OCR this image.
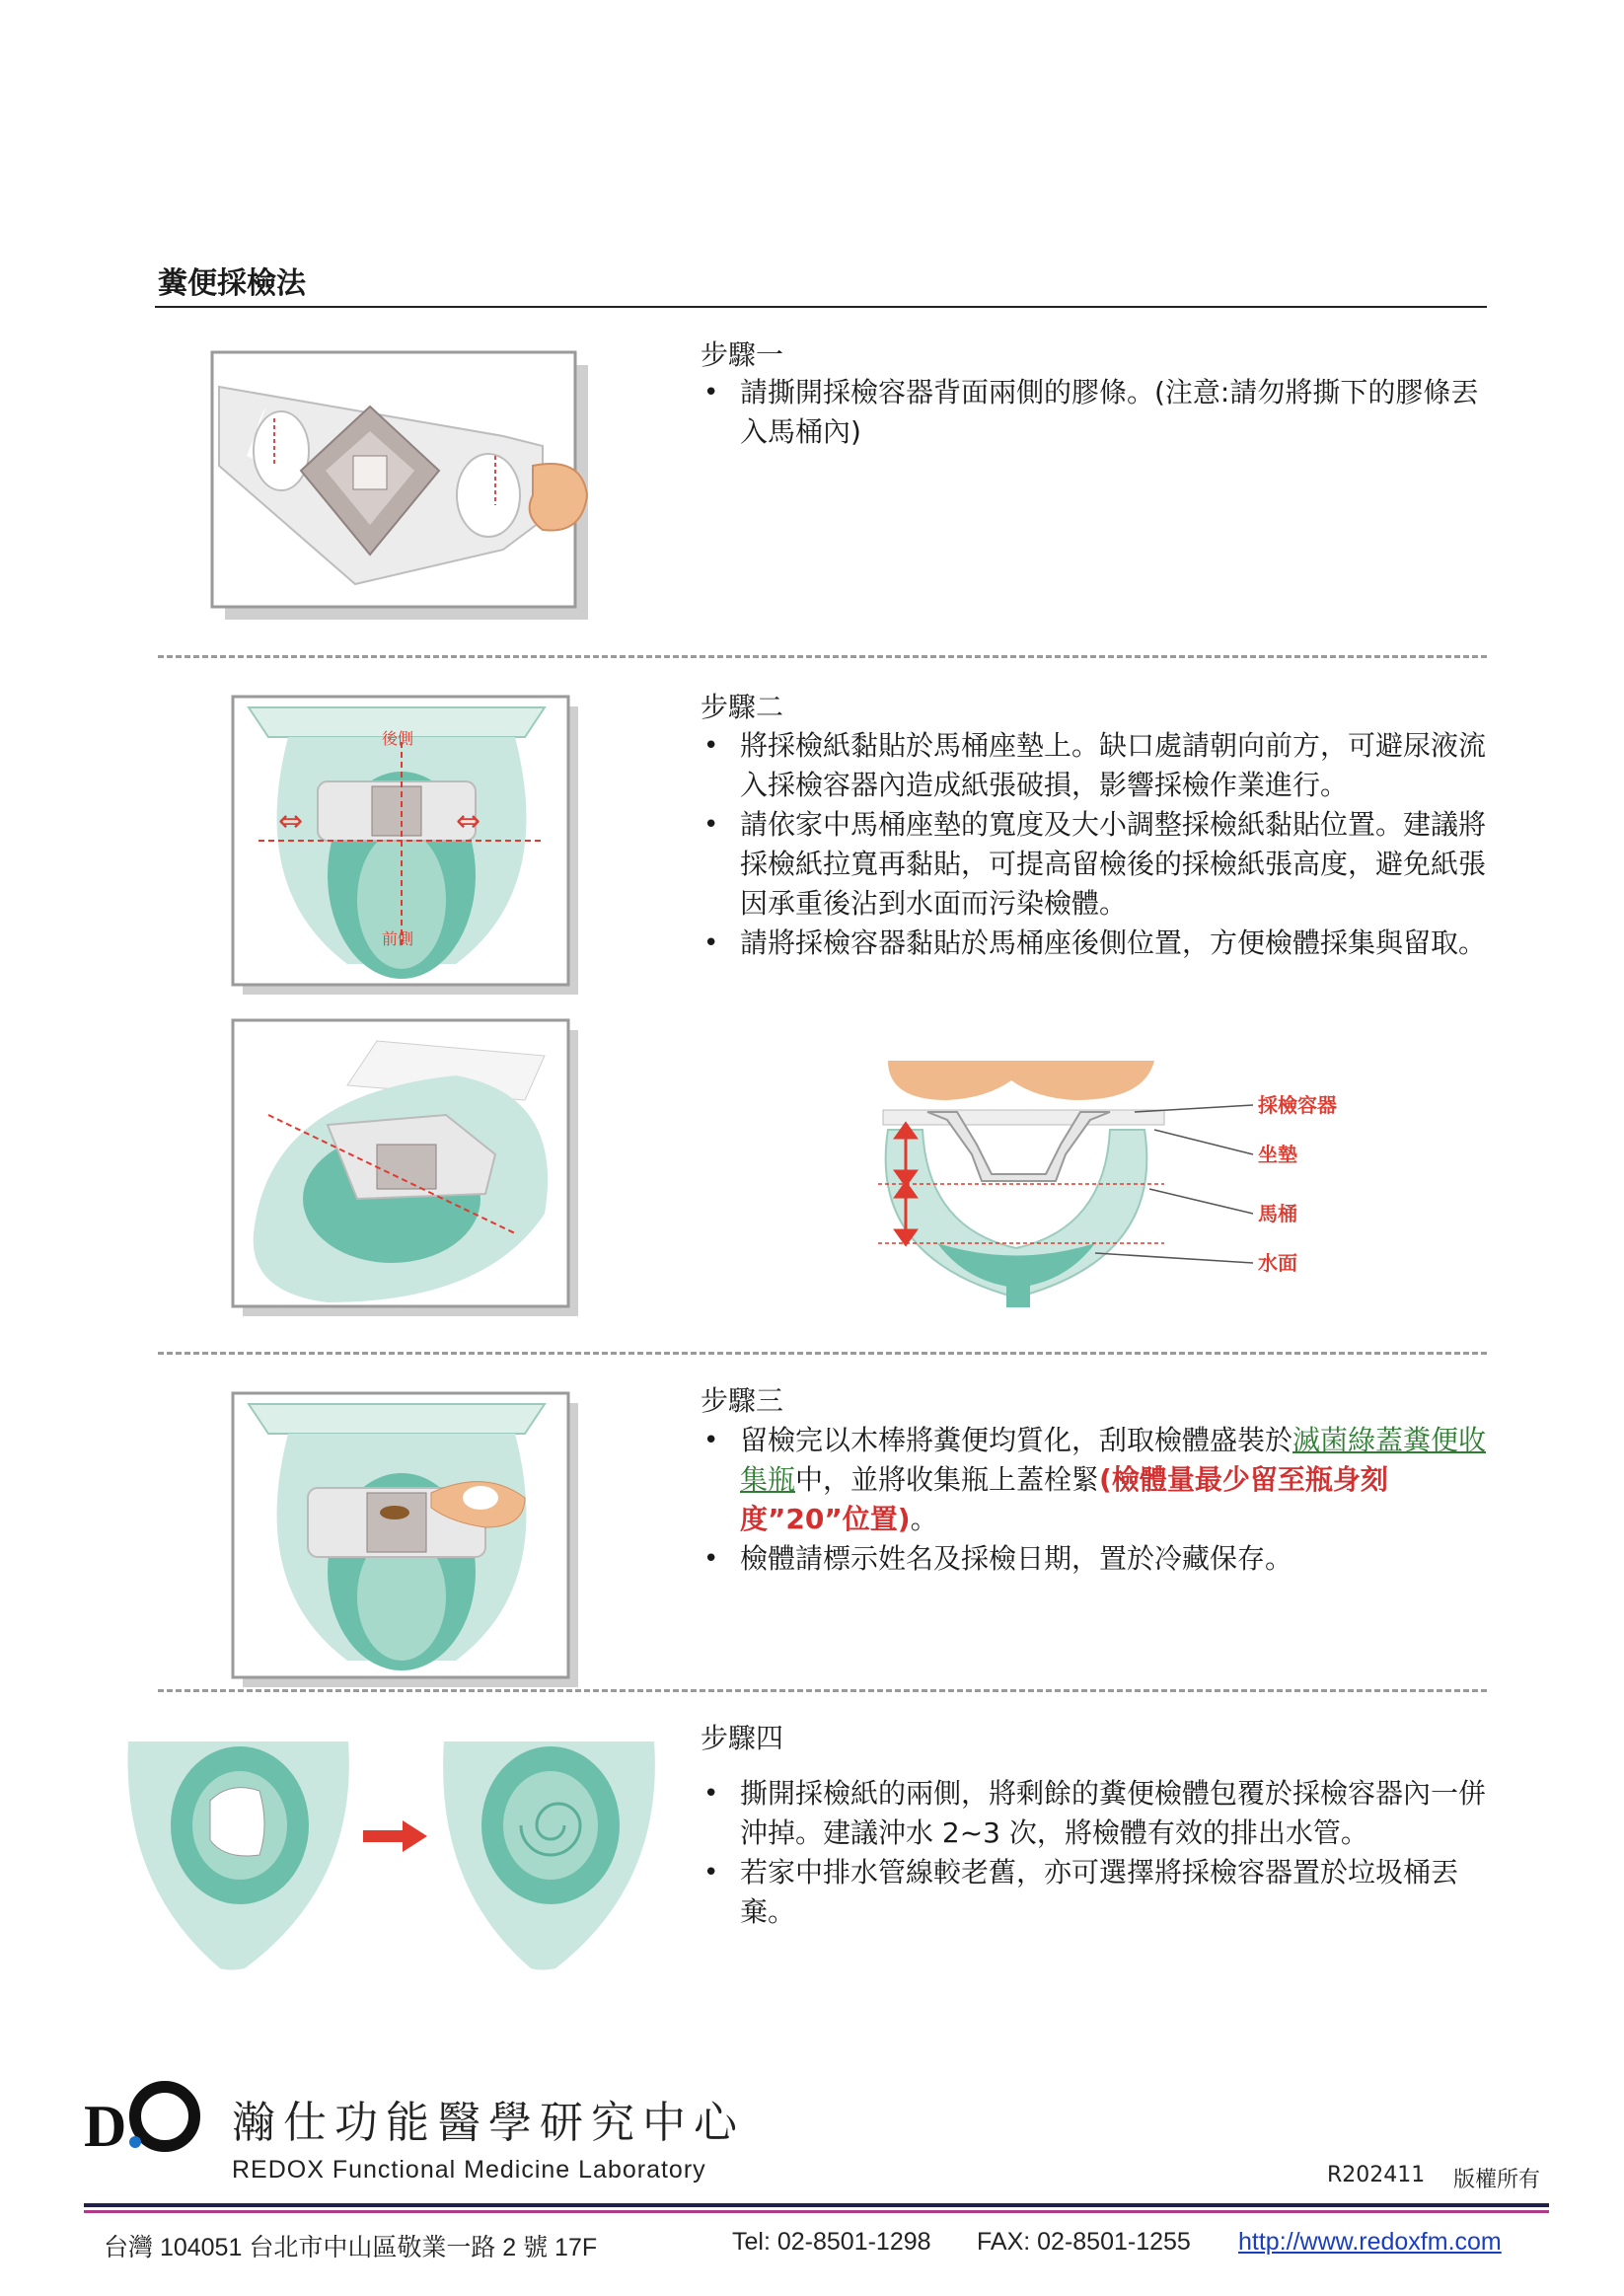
糞便採檢法
步驟一
• 請撕開採檢容器背面兩側的膠條。(注意:請勿將撕下的膠條丟入馬桶內)
⇔	⇔
後側
前側
步驟二
• 將採檢紙黏貼於馬桶座墊上。缺口處請朝向前方，可避尿液流入採檢容器內造成紙張破損，影響採檢作業進行。
• 請依家中馬桶座墊的寬度及大小調整採檢紙黏貼位置。建議將採檢紙拉寬再黏貼，可提高留檢後的採檢紙張高度，避免紙張因承重後沾到水面而污染檢體。
• 請將採檢容器黏貼於馬桶座後側位置，方便檢體採集與留取。
採檢容器
坐墊
馬桶
水面
步驟三
• 留檢完以木棒將糞便均質化，刮取檢體盛裝於滅菌綠蓋糞便收集瓶中，並將收集瓶上蓋栓緊(檢體量最少留至瓶身刻度”20”位置)。
• 檢體請標示姓名及採檢日期，置於冷藏保存。
步驟四
• 撕開採檢紙的兩側，將剩餘的糞便檢體包覆於採檢容器內一併沖掉。建議沖水 2~3 次，將檢體有效的排出水管。
• 若家中排水管線較老舊，亦可選擇將採檢容器置於垃圾桶丟棄。
D 瀚仕功能醫學研究中心
REDOX Functional Medicine Laboratory	R202411 版權所有
台灣 104051 台北市中山區敬業一路 2 號 17F	Tel: 02-8501-1298 FAX: 02-8501-1255 http://www.redoxfm.com
